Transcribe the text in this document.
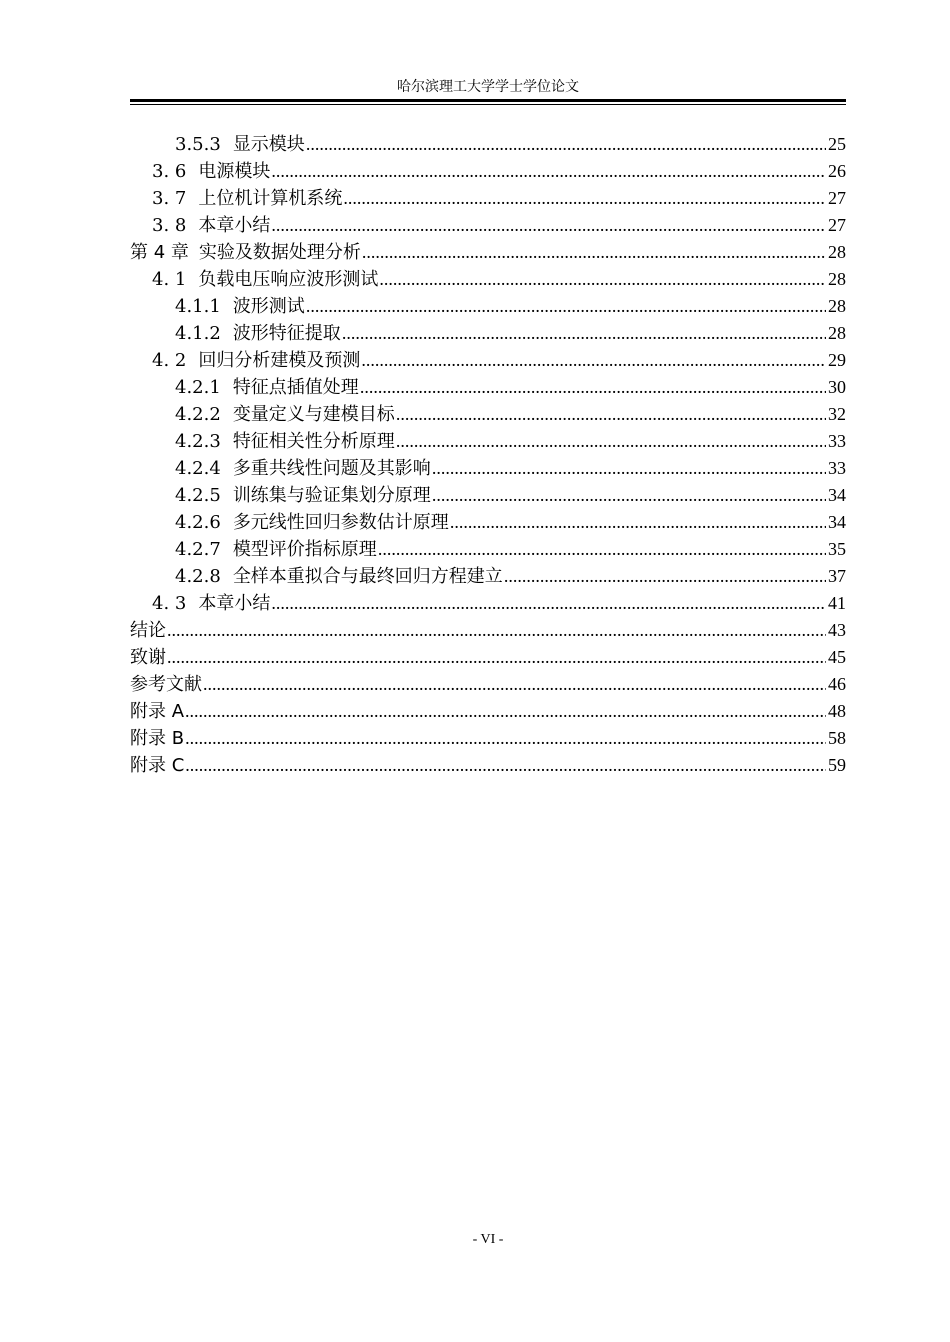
哈尔滨理工大学学士学位论文
3.5.3 显示模块 .....	25
3. 6 电源模块 .....	26
3. 7 上位机计算机系统 .....	27
3. 8 本章小结 .....	27
第 4 章 实验及数据处理分析 .....	28
4. 1 负载电压响应波形测试 .....	28
4.1.1 波形测试 .....	28
4.1.2 波形特征提取 .....	28
4. 2 回归分析建模及预测 .....	29
4.2.1 特征点插值处理 .....	30
4.2.2 变量定义与建模目标 .....	32
4.2.3 特征相关性分析原理 .....	33
4.2.4 多重共线性问题及其影响 .....	33
4.2.5 训练集与验证集划分原理 .....	34
4.2.6 多元线性回归参数估计原理 .....	34
4.2.7 模型评价指标原理 .....	35
4.2.8 全样本重拟合与最终回归方程建立 .....	37
4. 3 本章小结 .....	41
结论 .....	43
致谢 .....	45
参考文献 .....	46
附录 A .....	48
附录 B .....	58
附录 C .....	59
- VI -
